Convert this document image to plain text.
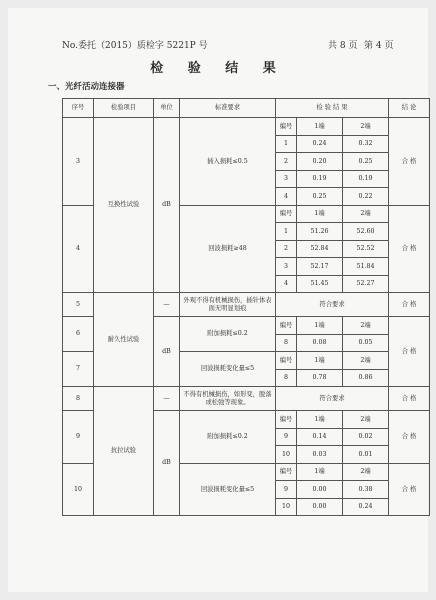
No.委托（2015）质检字 5221P 号	共 8 页 第 4 页
检 验 结 果
一、光纤活动连接器
序号	检验项目	单位	标准要求	检 验 结 果			结 论
3	互换性试验	dB	插入损耗≤0.5	编号	1端	2端	合 格
				1	0.24	0.32	
				2	0.20	0.25	
				3	0.19	0.19	
				4	0.25	0.22	
4			回波损耗≥48	编号	1端	2端	合 格
				1	51.26	52.60	
				2	52.84	52.52	
				3	52.17	51.84	
				4	51.45	52.27	
5	耐久性试验	—	外观不得有机械损伤，插针体表面无明显划痕	符合要求			合 格
6		dB	附加损耗≤0.2	编号	1端	2端	合 格
				8	0.08	0.05	
7			回波损耗变化量≤5	编号	1端	2端	
				8	0.78	0.86	
8	抗拉试验	—	不得有机械损伤，如形变，脱落或松弛等现象。	符合要求			合 格
9		dB	附加损耗≤0.2	编号	1端	2端	合 格
				9	0.14	0.02	
				10	0.03	0.01	
10			回波损耗变化量≤5	编号	1端	2端	合 格
				9	0.00	0.38	
				10	0.00	0.24	
